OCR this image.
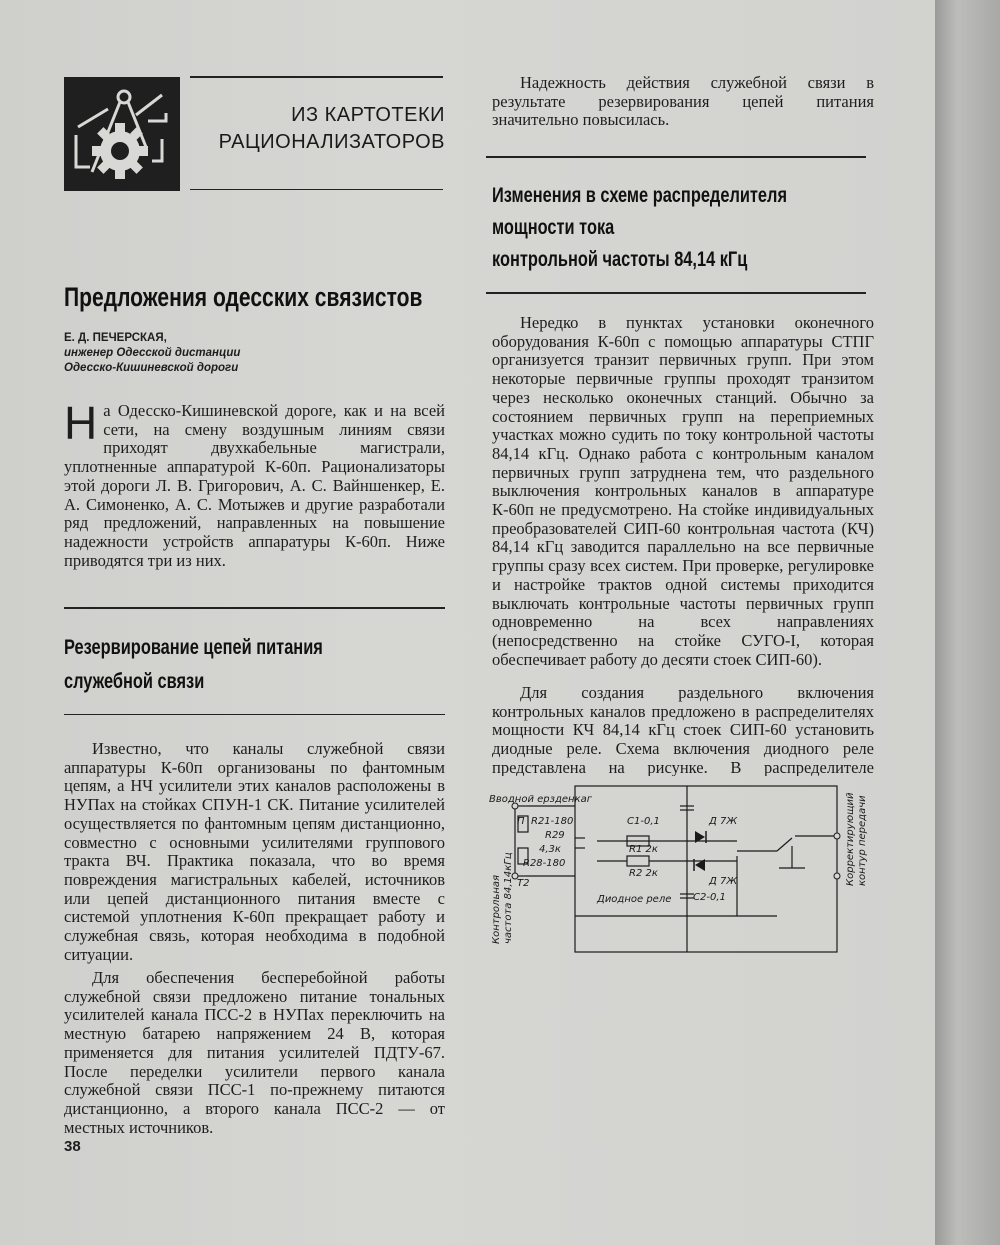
ИЗ КАРТОТЕКИ
РАЦИОНАЛИЗАТОРОВ
Предложения одесских связистов
Е. Д. ПЕЧЕРСКАЯ,
инженер Одесской дистанции
Одесско-Кишиневской дороги
На Одесско-Кишиневской дороге, как и на всей сети, на смену воздушным линиям связи приходят двухкабельные магистрали, уплотненные аппаратурой К-60п. Рационализаторы этой дороги Л. В. Григорович, А. С. Вайншенкер, Е. А. Симоненко, А. С. Мотыжев и другие разработали ряд предложений, направленных на повышение надежности устройств аппаратуры К-60п. Ниже приводятся три из них.
Резервирование цепей питания
служебной связи
Известно, что каналы служебной связи аппаратуры К-60п организованы по фантомным цепям, а НЧ усилители этих каналов расположены в НУПах на стойках СПУН-1 СК. Питание усилителей осуществляется по фантомным цепям дистанционно, совместно с основными усилителями группового тракта ВЧ. Практика показала, что во время повреждения магистральных кабелей, источников или цепей дистанционного питания вместе с системой уплотнения К-60п прекращает работу и служебная связь, которая необходима в подобной ситуации.
Для обеспечения бесперебойной работы служебной связи предложено питание тональных усилителей канала ПСС-2 в НУПах переключить на местную батарею напряжением 24 В, которая применяется для питания усилителей ПДТУ-67. После переделки усилители первого канала служебной связи ПСС-1 по-прежнему питаются дистанционно, а второго канала ПСС-2 — от местных источников.
38
Надежность действия служебной связи в результате резервирования цепей питания значительно повысилась.
Изменения в схеме распределителя
мощности тока
контрольной частоты 84,14 кГц
Нередко в пунктах установки оконечного оборудования К-60п с помощью аппаратуры СТПГ организуется транзит первичных групп. При этом некоторые первичные группы проходят транзитом через несколько оконечных станций. Обычно за состоянием первичных групп на переприемных участках можно судить по току контрольной частоты 84,14 кГц. Однако работа с контрольным каналом первичных групп затруднена тем, что раздельного выключения контрольных каналов в аппаратуре К-60п не предусмотрено. На стойке индивидуальных преобразователей СИП-60 контрольная частота (КЧ) 84,14 кГц заводится параллельно на все первичные группы сразу всех систем. При проверке, регулировке и настройке трактов одной системы приходится выключать контрольные частоты первичных групп одновременно на всех направлениях (непосредственно на стойке СУГО-I, которая обеспечивает работу до десяти стоек СИП-60).
Для создания раздельного включения контрольных каналов предложено в распределителях мощности КЧ 84,14 кГц стоек СИП-60 установить диодные реле. Схема включения диодного реле представлена на рисунке. В распределителе
Вводной ерзденкаг
П R21-180
R29
4,3к
R28-180
Т2
С1-0,1
R1 2к
R2 2к
Д 7Ж
Д 7Ж
С2-0,1
Диодное реле
Контрольная частота 84,14кГц
Корректирующий контур передачи
